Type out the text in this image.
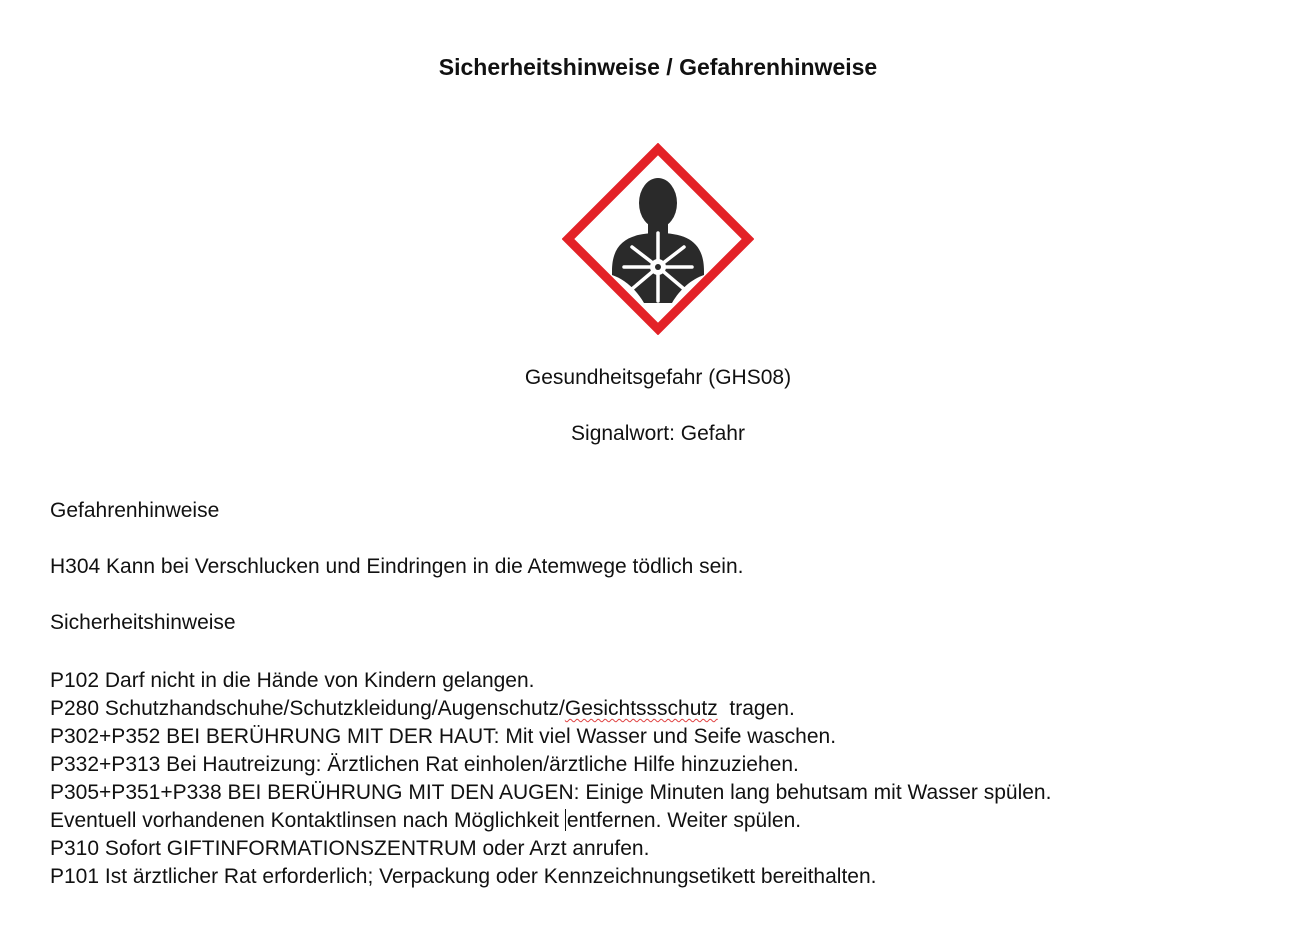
Sicherheitshinweise / Gefahrenhinweise
Gesundheitsgefahr (GHS08)
Signalwort: Gefahr
Gefahrenhinweise
H304 Kann bei Verschlucken und Eindringen in die Atemwege tödlich sein.
Sicherheitshinweise
P102 Darf nicht in die Hände von Kindern gelangen.
P280 Schutzhandschuhe/Schutzkleidung/Augenschutz/Gesichtssschutz  tragen.
P302+P352 BEI BERÜHRUNG MIT DER HAUT: Mit viel Wasser und Seife waschen.
P332+P313 Bei Hautreizung: Ärztlichen Rat einholen/ärztliche Hilfe hinzuziehen.
P305+P351+P338 BEI BERÜHRUNG MIT DEN AUGEN: Einige Minuten lang behutsam mit Wasser spülen.
Eventuell vorhandenen Kontaktlinsen nach Möglichkeit entfernen. Weiter spülen.
P310 Sofort GIFTINFORMATIONSZENTRUM oder Arzt anrufen.
P101 Ist ärztlicher Rat erforderlich; Verpackung oder Kennzeichnungsetikett bereithalten.
